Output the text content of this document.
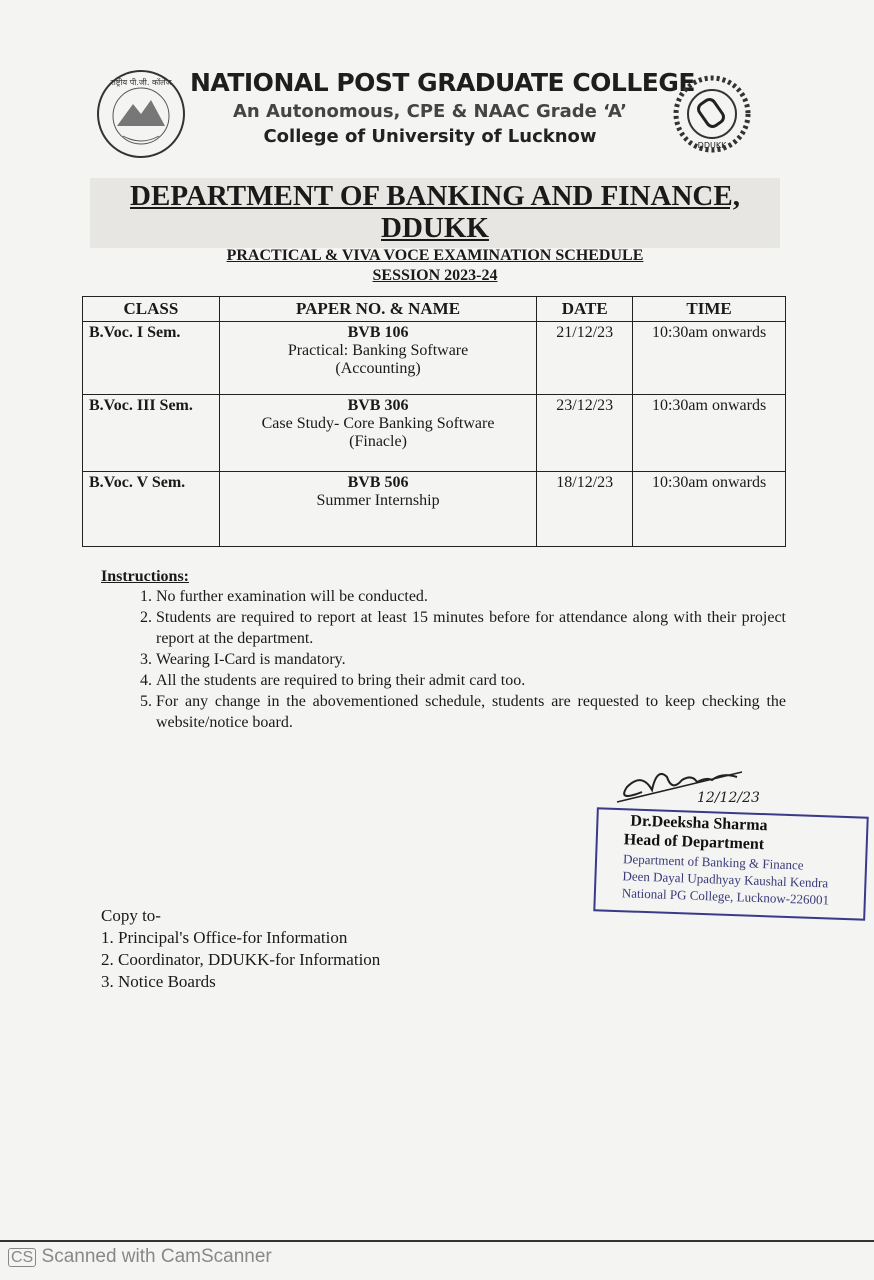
राष्ट्रीय पी.जी. कॉलेज NATIONAL POST GRADUATE COLLEGE
An Autonomous, CPE & NAAC Grade ‘A’
College of University of Lucknow	DDUKK
DEPARTMENT OF BANKING AND FINANCE,
DDUKK
PRACTICAL & VIVA VOCE EXAMINATION SCHEDULE
SESSION 2023-24
CLASS	PAPER NO. & NAME	DATE	TIME
B.Voc. I Sem.	BVB 106
Practical: Banking Software
(Accounting)	21/12/23	10:30am onwards
B.Voc. III Sem.	BVB 306
Case Study- Core Banking Software
(Finacle)	23/12/23	10:30am onwards
B.Voc. V Sem.	BVB 506
Summer Internship	18/12/23	10:30am onwards
Instructions:
1. No further examination will be conducted.
2. Students are required to report at least 15 minutes before for attendance along with their project report at the department.
3. Wearing I-Card is mandatory.
4. All the students are required to bring their admit card too.
5. For any change in the abovementioned schedule, students are requested to keep checking the website/notice board.
12/12/23
Dr.Deeksha Sharma
Head of Department
Department of Banking & Finance
Deen Dayal Upadhyay Kaushal Kendra
National PG College, Lucknow-226001
Copy to-
1. Principal's Office-for Information
2. Coordinator, DDUKK-for Information
3. Notice Boards
CS Scanned with CamScanner
